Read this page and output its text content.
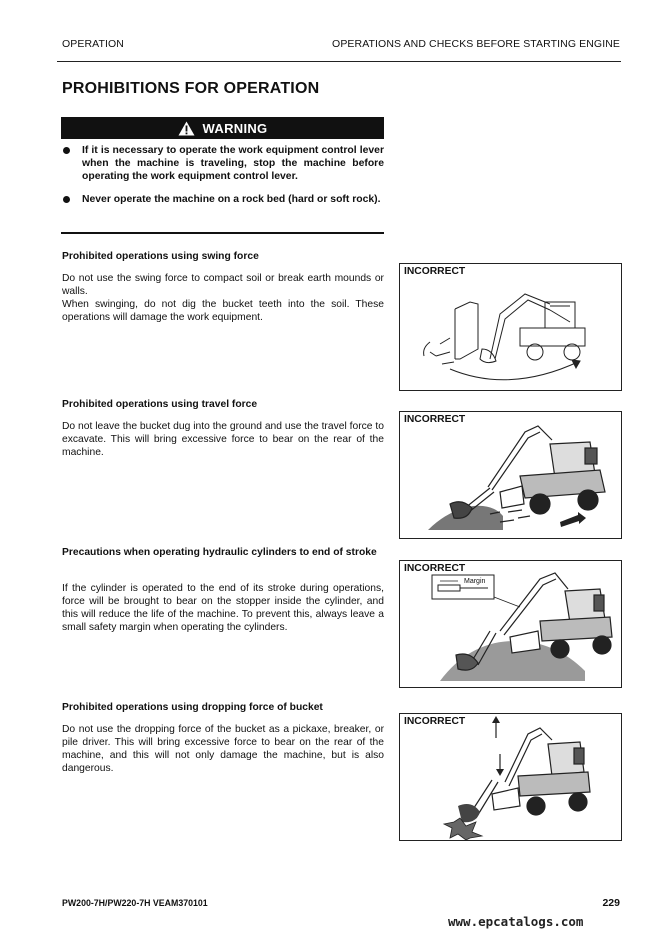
OPERATION	OPERATIONS AND CHECKS BEFORE STARTING ENGINE
PROHIBITIONS FOR OPERATION
WARNING
If it is necessary to operate the work equipment control lever when the machine is traveling, stop the machine before operating the work equipment control lever.
Never operate the machine on a rock bed (hard or soft rock).
Prohibited operations using swing force

Do not use the swing force to compact soil or break earth mounds or walls.

When swinging, do not dig the bucket teeth into the soil. These operations will damage the work equipment.

INCORRECT
Prohibited operations using travel force

Do not leave the bucket dug into the ground and use the travel force to excavate. This will bring excessive force to bear on the rear of the machine.

INCORRECT
Precautions when operating hydraulic cylinders to end of stroke

If the cylinder is operated to the end of its stroke during operations, force will be brought to bear on the stopper inside the cylinder, and this will reduce the life of the machine. To prevent this, always leave a small safety margin when operating the cylinders.

Margin
INCORRECT
Prohibited operations using dropping force of bucket

Do not use the dropping force of the bucket as a pickaxe, breaker, or pile driver. This will bring excessive force to bear on the rear of the machine, and this will not only damage the machine, but is also dangerous.

INCORRECT
PW200-7H/PW220-7H VEAM370101	229
www.epcatalogs.com
